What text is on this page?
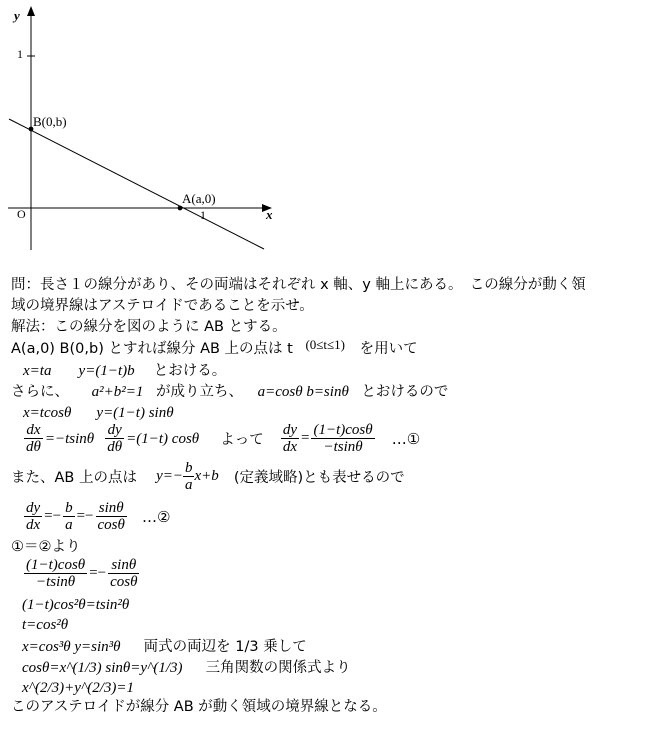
y
x
1
1
O
B(0,b)
A(a,0)
問：長さ１の線分があり、その両端はそれぞれ x 軸、y 軸上にある。　この線分が動く領
域の境界線はアステロイドであることを示せ。
解法：この線分を図のように AB とする。
A(a,0) B(0,b) とすれば線分 AB 上の点は t (0≤t≤1) を用いて
x=ta y=(1−t)b とおける。
さらに、 a²+b²=1 が成り立ち、 a=cosθ b=sinθ とおけるので
x=tcosθ y=(1−t) sinθ
$\frac{dx}{d\theta} =-tsin\theta \frac{dy}{d\theta} =(1-t)$ cosθ よって $\frac{dy}{dx} = \frac{(1-t)\cos\theta}{-tsin\theta}$ …①
また、AB 上の点は $y=- \frac{b}{a} x+b$ (定義域略)とも表せるので
$\frac{dy}{dx} =- \frac{b}{a} =- \frac{\sin\theta}{\cos\theta}$ …②
①＝②より
$\frac{(1-t)\cos\theta}{-tsin\theta} =- \frac{\sin\theta}{\cos\theta}$
(1−t)cos²θ=tsin²θ
t=cos²θ
x=cos³θ y=sin³θ 両式の両辺を 1/3 乗して
cosθ=x^(1/3) sinθ=y^(1/3) 三角関数の関係式より
x^(2/3)+y^(2/3)=1
このアステロイドが線分 AB が動く領域の境界線となる。
